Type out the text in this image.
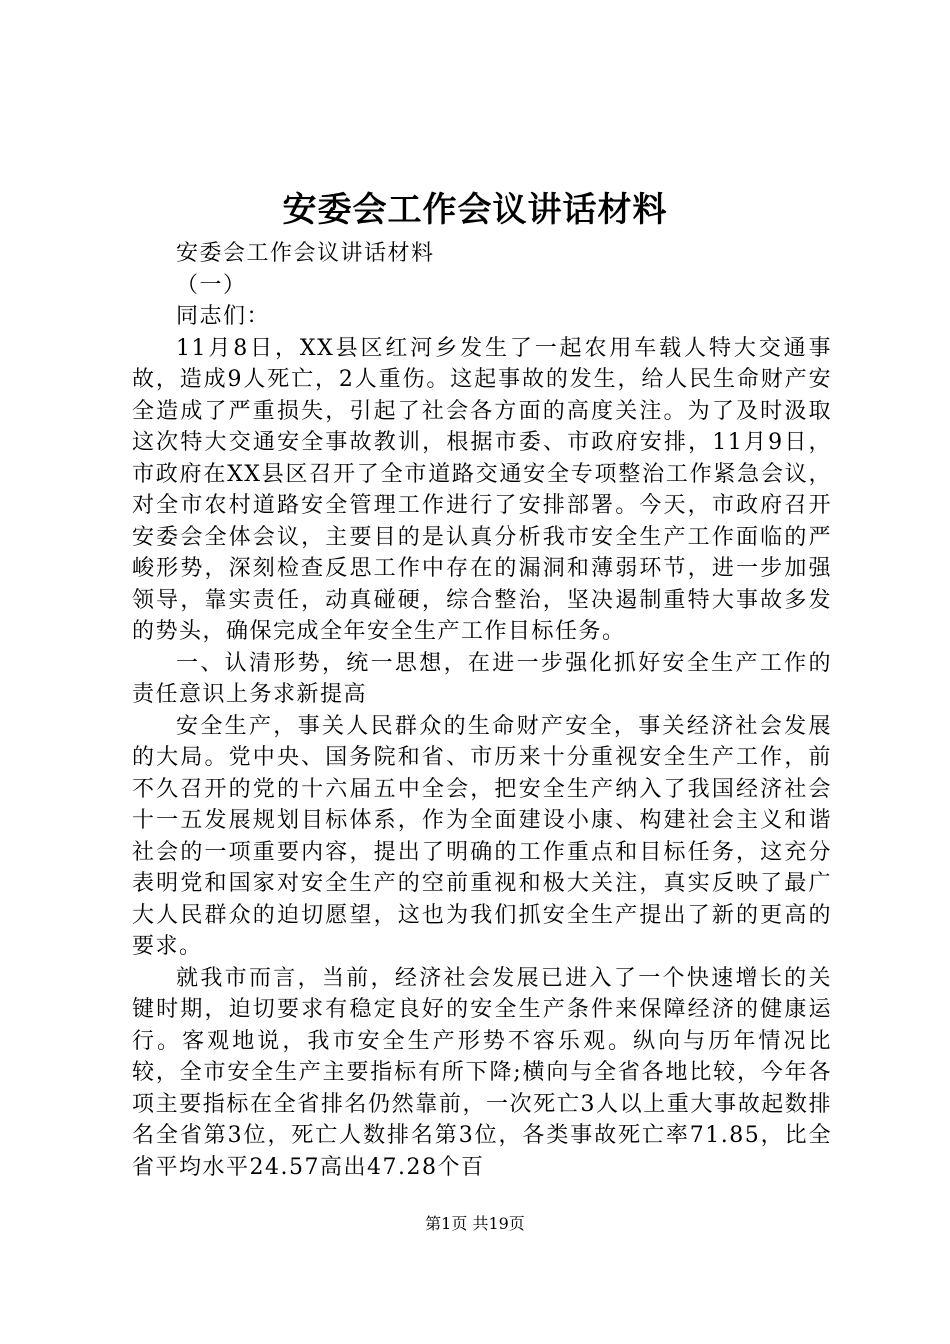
安委会工作会议讲话材料

安委会工作会议讲话材料

（一）

同志们：

11月8日，XX县区红河乡发生了一起农用车载人特大交通事故，造成9人死亡，2人重伤。这起事故的发生，给人民生命财产安全造成了严重损失，引起了社会各方面的高度关注。为了及时汲取这次特大交通安全事故教训，根据市委、市政府安排，11月9日，市政府在XX县区召开了全市道路交通安全专项整治工作紧急会议，对全市农村道路安全管理工作进行了安排部署。今天，市政府召开安委会全体会议，主要目的是认真分析我市安全生产工作面临的严峻形势，深刻检查反思工作中存在的漏洞和薄弱环节，进一步加强领导，靠实责任，动真碰硬，综合整治，坚决遏制重特大事故多发的势头，确保完成全年安全生产工作目标任务。

一、认清形势，统一思想，在进一步强化抓好安全生产工作的责任意识上务求新提高

安全生产，事关人民群众的生命财产安全，事关经济社会发展的大局。党中央、国务院和省、市历来十分重视安全生产工作，前不久召开的党的十六届五中全会，把安全生产纳入了我国经济社会十一五发展规划目标体系，作为全面建设小康、构建社会主义和谐社会的一项重要内容，提出了明确的工作重点和目标任务，这充分表明党和国家对安全生产的空前重视和极大关注，真实反映了最广大人民群众的迫切愿望，这也为我们抓安全生产提出了新的更高的要求。

就我市而言，当前，经济社会发展已进入了一个快速增长的关键时期，迫切要求有稳定良好的安全生产条件来保障经济的健康运行。客观地说，我市安全生产形势不容乐观。纵向与历年情况比较，全市安全生产主要指标有所下降;横向与全省各地比较，今年各项主要指标在全省排名仍然靠前，一次死亡3人以上重大事故起数排名全省第3位，死亡人数排名第3位，各类事故死亡率71.85，比全省平均水平24.57高出47.28个百

第1页 共19页
